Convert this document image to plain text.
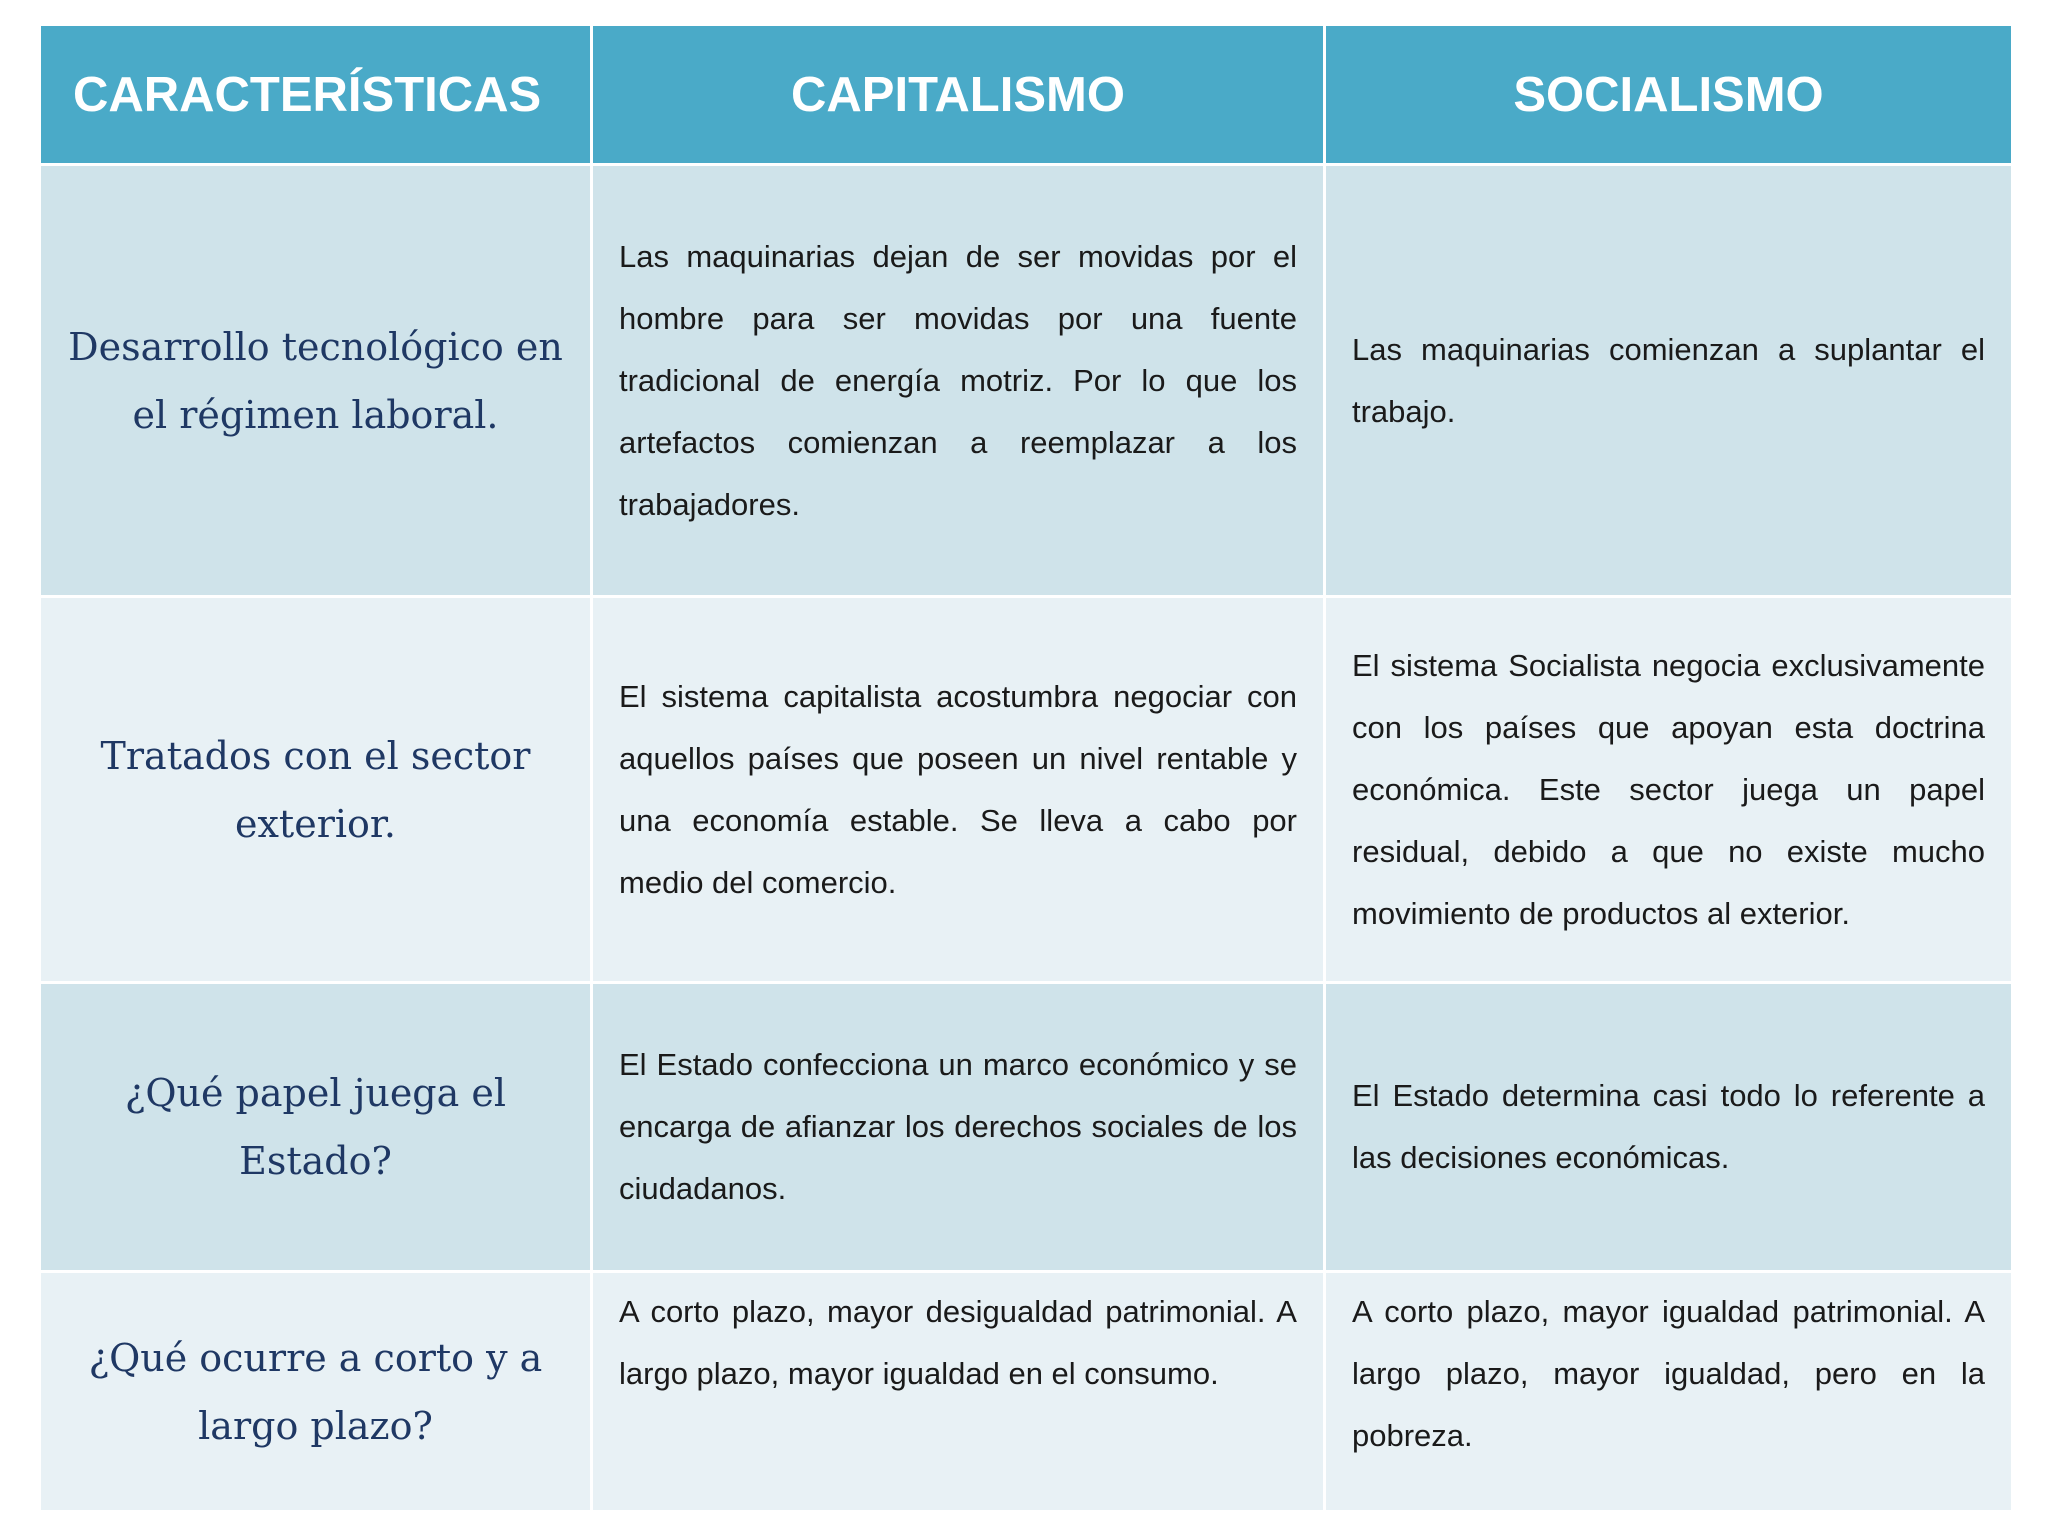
CARACTERÍSTICAS	CAPITALISMO	SOCIALISMO
Desarrollo tecnológico en el régimen laboral.	Las maquinarias dejan de ser movidas por el hombre para ser movidas por una fuente tradicional de energía motriz. Por lo que los artefactos comienzan a reemplazar a los trabajadores.	Las maquinarias comienzan a suplantar el trabajo.
Tratados con el sector exterior.	El sistema capitalista acostumbra negociar con aquellos países que poseen un nivel rentable y una economía estable. Se lleva a cabo por medio del comercio.	El sistema Socialista negocia exclusivamente con los países que apoyan esta doctrina económica. Este sector juega un papel residual, debido a que no existe mucho movimiento de productos al exterior.
¿Qué papel juega el Estado?	El Estado confecciona un marco económico y se encarga de afianzar los derechos sociales de los ciudadanos.	El Estado determina casi todo lo referente a las decisiones económicas.
¿Qué ocurre a corto y a largo plazo?	A corto plazo, mayor desigualdad patrimonial. A largo plazo, mayor igualdad en el consumo.	A corto plazo, mayor igualdad patrimonial. A largo plazo, mayor igualdad, pero en la pobreza.
